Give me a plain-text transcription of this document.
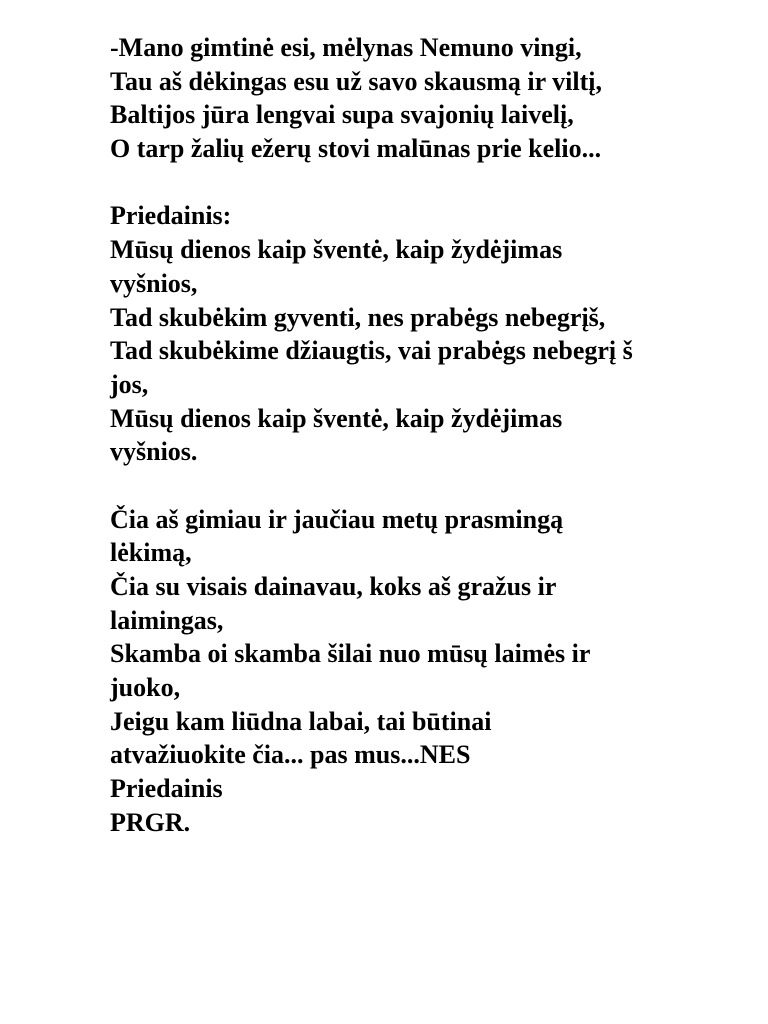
-Mano gimtinė esi, mėlynas Nemuno vingi,
Tau aš dėkingas esu už savo skausmą ir viltį,
Baltijos jūra lengvai supa svajonių laivelį,
O tarp žalių ežerų stovi malūnas prie kelio...
Priedainis:
Mūsų dienos kaip šventė, kaip žydėjimas
vyšnios,
Tad skubėkim gyventi, nes prabėgs nebegrįš,
Tad skubėkime džiaugtis, vai prabėgs nebegrį š
jos,
Mūsų dienos kaip šventė, kaip žydėjimas
vyšnios.
Čia aš gimiau ir jaučiau metų prasmingą
lėkimą,
Čia su visais dainavau, koks aš gražus ir
laimingas,
Skamba oi skamba šilai nuo mūsų laimės ir
juoko,
Jeigu kam liūdna labai, tai būtinai
atvažiuokite čia... pas mus...NES
Priedainis
PRGR.
